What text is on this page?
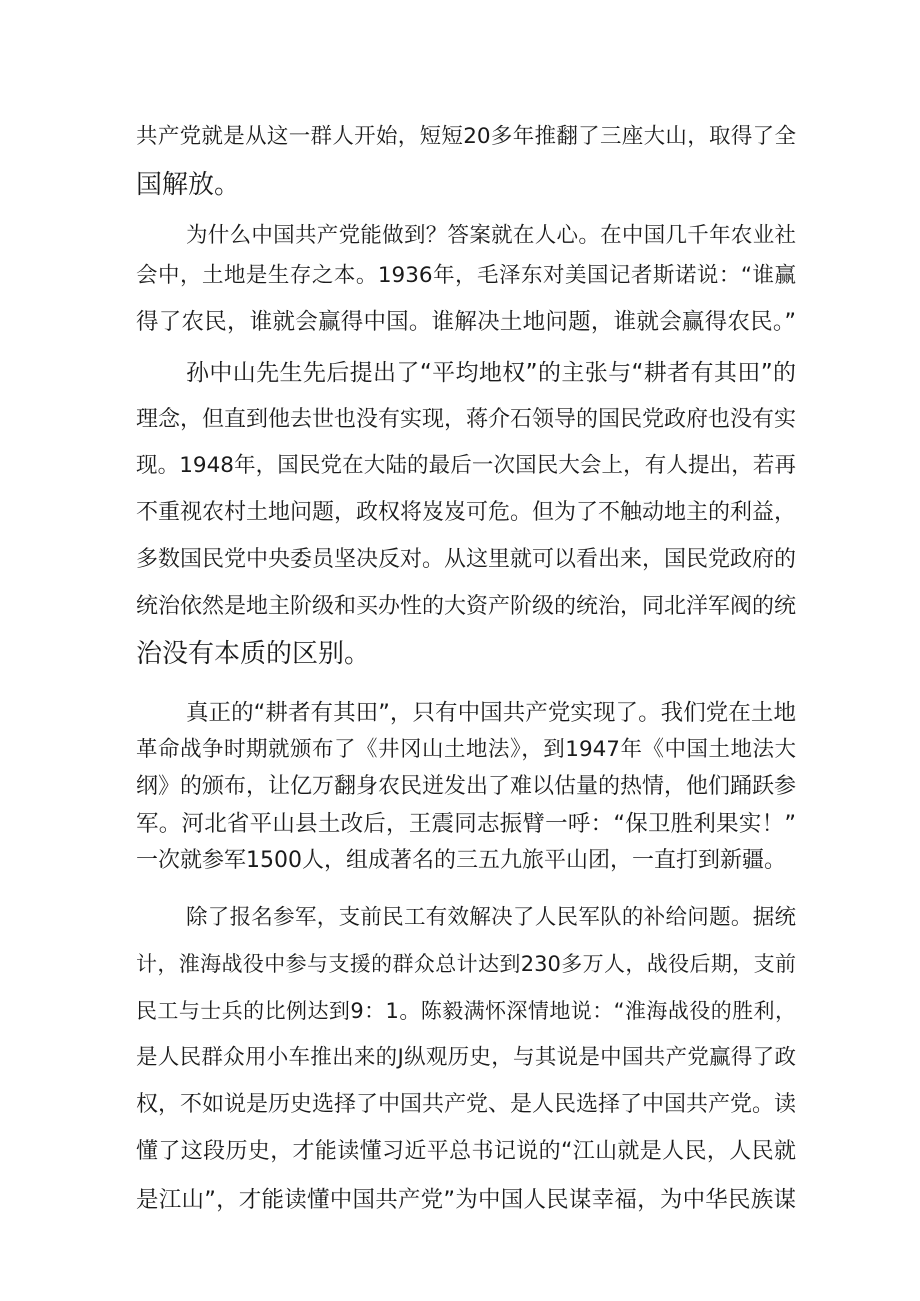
共产党就是从这一群人开始，短短20多年推翻了三座大山，取得了全
国解放。
为什么中国共产党能做到？答案就在人心。在中国几千年农业社
会中，土地是生存之本。1936年，毛泽东对美国记者斯诺说：“谁赢
得了农民，谁就会赢得中国。谁解决土地问题，谁就会赢得农民。”
孙中山先生先后提出了“平均地权”的主张与“耕者有其田”的
理念，但直到他去世也没有实现，蒋介石领导的国民党政府也没有实
现。1948年，国民党在大陆的最后一次国民大会上，有人提出，若再
不重视农村土地问题，政权将岌岌可危。但为了不触动地主的利益，
多数国民党中央委员坚决反对。从这里就可以看出来，国民党政府的
统治依然是地主阶级和买办性的大资产阶级的统治，同北洋军阀的统
治没有本质的区别。
真正的“耕者有其田”，只有中国共产党实现了。我们党在土地
革命战争时期就颁布了《井冈山土地法》，到1947年《中国土地法大
纲》的颁布，让亿万翻身农民迸发出了难以估量的热情，他们踊跃参
军。河北省平山县土改后，王震同志振臂一呼：“保卫胜利果实！”
一次就参军1500人，组成著名的三五九旅平山团，一直打到新疆。
除了报名参军，支前民工有效解决了人民军队的补给问题。据统
计，淮海战役中参与支援的群众总计达到230多万人，战役后期，支前
民工与士兵的比例达到9：1。陈毅满怀深情地说：“淮海战役的胜利，
是人民群众用小车推出来的J纵观历史，与其说是中国共产党赢得了政
权，不如说是历史选择了中国共产党、是人民选择了中国共产党。读
懂了这段历史，才能读懂习近平总书记说的“江山就是人民，人民就
是江山”，才能读懂中国共产党”为中国人民谋幸福，为中华民族谋
